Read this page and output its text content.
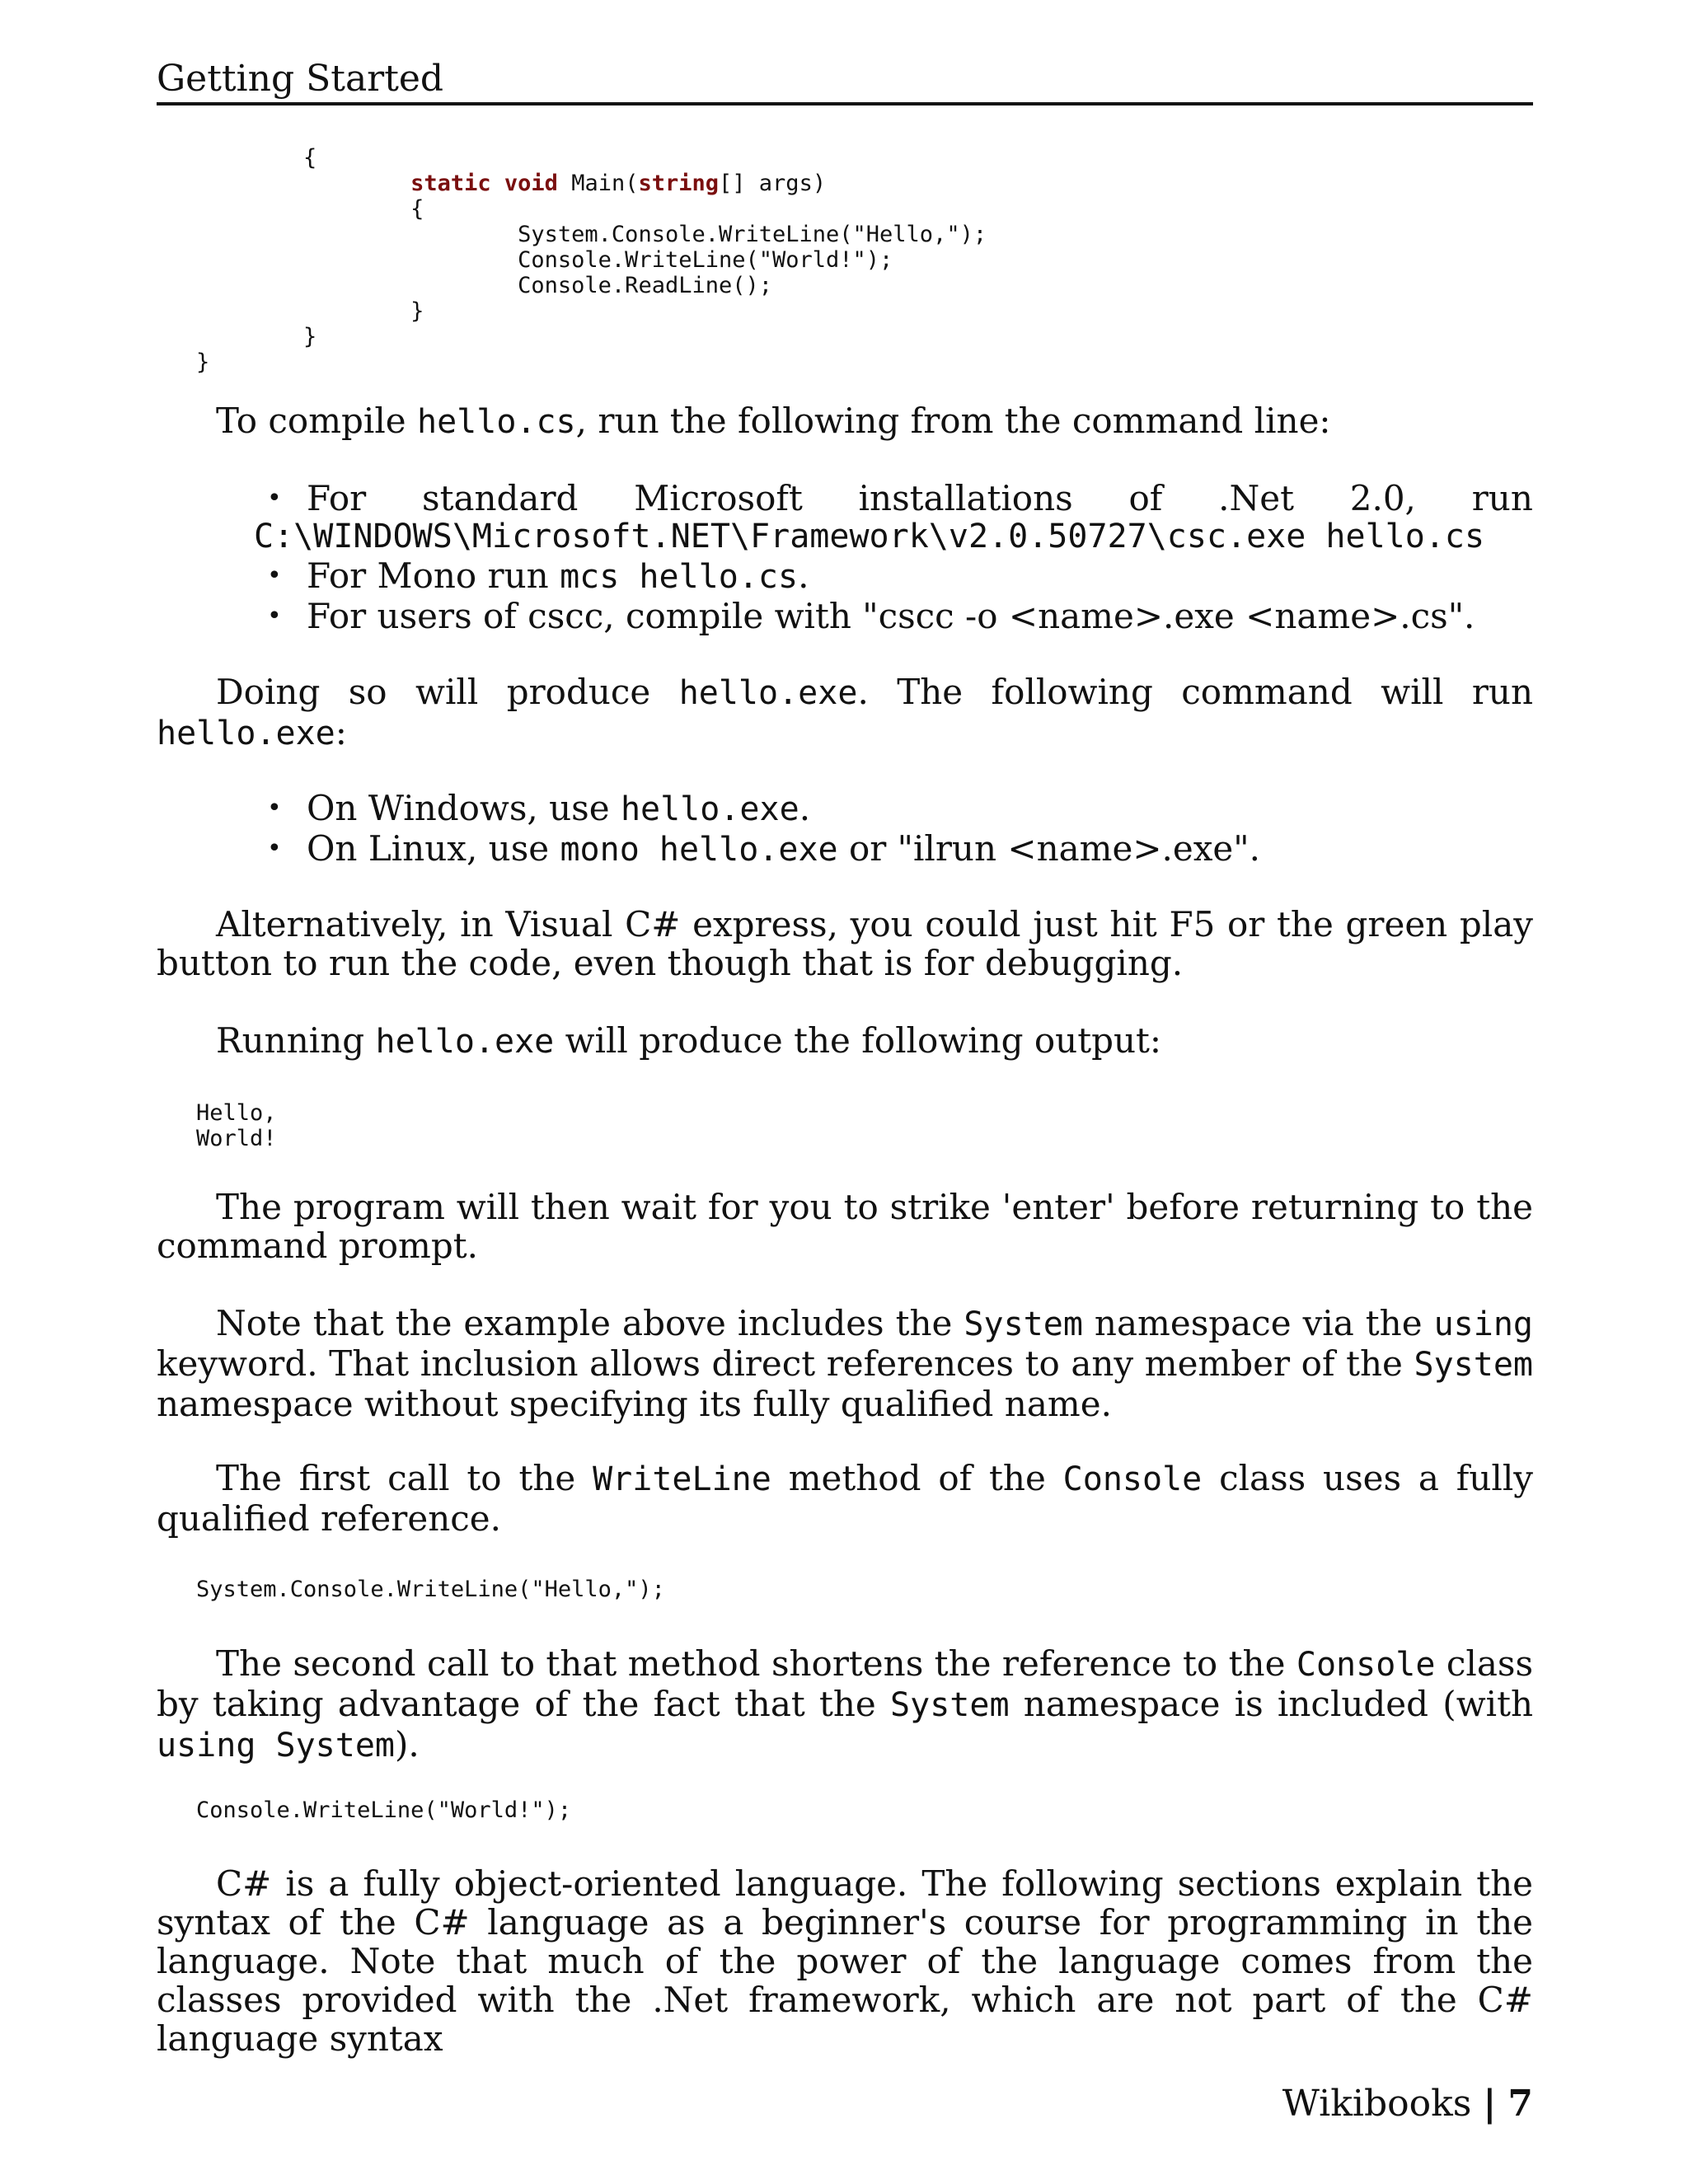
Getting Started
{
static void Main(string[] args)
{
System.Console.WriteLine("Hello,");
Console.WriteLine("World!");
Console.ReadLine();
}
}
}
To compile hello.cs, run the following from the command line:
• For standard Microsoft installations of .Net 2.0, run
C:\WINDOWS\Microsoft.NET\Framework\v2.0.50727\csc.exe hello.cs
• For Mono run mcs hello.cs.
• For users of cscc, compile with "cscc -o <name>.exe <name>.cs".
Doing so will produce hello.exe. The following command will run hello.exe:
• On Windows, use hello.exe.
• On Linux, use mono hello.exe or "ilrun <name>.exe".
Alternatively, in Visual C# express, you could just hit F5 or the green play button to run the code, even though that is for debugging.
Running hello.exe will produce the following output:
Hello,
World!
The program will then wait for you to strike 'enter' before returning to the command prompt.
Note that the example above includes the System namespace via the using keyword. That inclusion allows direct references to any member of the System namespace without specifying its fully qualified name.
The first call to the WriteLine method of the Console class uses a fully qualified reference.
System.Console.WriteLine("Hello,");
The second call to that method shortens the reference to the Console class by taking advantage of the fact that the System namespace is included (with using System).
Console.WriteLine("World!");
C# is a fully object-oriented language. The following sections explain the syntax of the C# language as a beginner's course for programming in the language. Note that much of the power of the language comes from the classes provided with the .Net framework, which are not part of the C# language syntax
Wikibooks | 7
